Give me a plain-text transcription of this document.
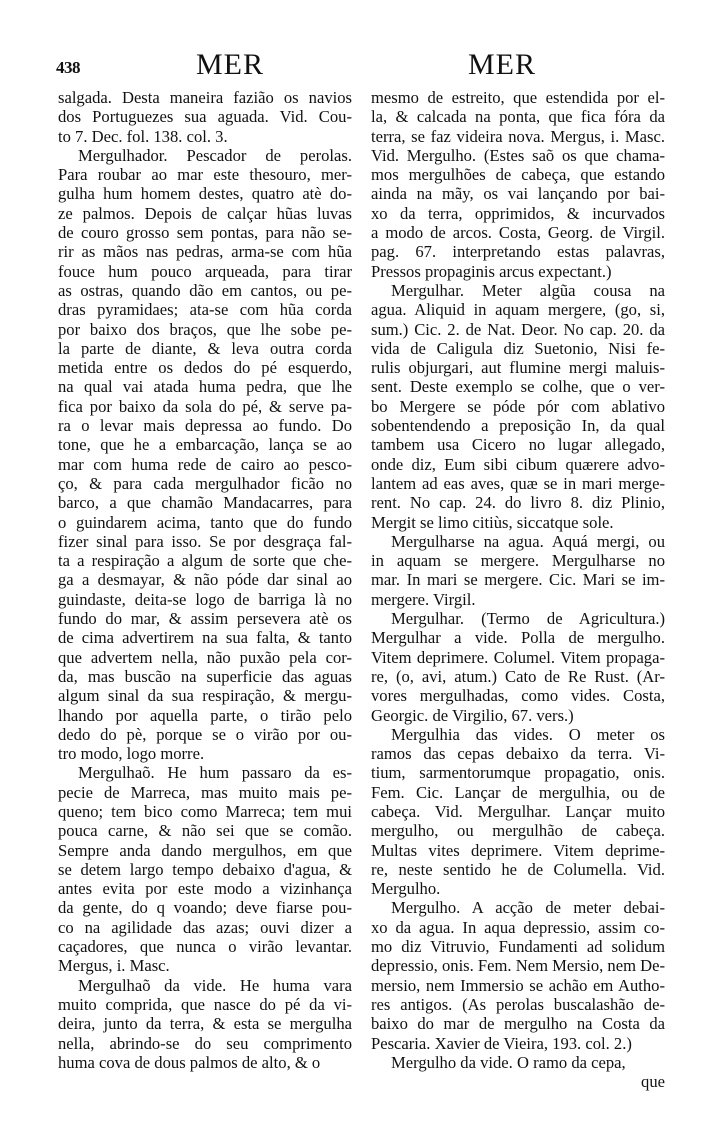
438	MER	MER
salgada. Desta maneira fazião os navios
dos Portuguezes sua aguada. Vid. Cou-
to 7. Dec. fol. 138. col. 3.
Mergulhador. Pescador de perolas.
Para roubar ao mar este thesouro, mer-
gulha hum homem destes, quatro atè do-
ze palmos. Depois de calçar hũas luvas
de couro grosso sem pontas, para não se-
rir as mãos nas pedras, arma-se com hũa
fouce hum pouco arqueada, para tirar
as ostras, quando dão em cantos, ou pe-
dras pyramidaes; ata-se com hũa corda
por baixo dos braços, que lhe sobe pe-
la parte de diante, & leva outra corda
metida entre os dedos do pé esquerdo,
na qual vai atada huma pedra, que lhe
fica por baixo da sola do pé, & serve pa-
ra o levar mais depressa ao fundo. Do
tone, que he a embarcação, lança se ao
mar com huma rede de cairo ao pesco-
ço, & para cada mergulhador ficão no
barco, a que chamão Mandacarres, para
o guindarem acima, tanto que do fundo
fizer sinal para isso. Se por desgraça fal-
ta a respiração a algum de sorte que che-
ga a desmayar, & não póde dar sinal ao
guindaste, deita-se logo de barriga là no
fundo do mar, & assim persevera atè os
de cima advertirem na sua falta, & tanto
que advertem nella, não puxão pela cor-
da, mas buscão na superficie das aguas
algum sinal da sua respiração, & mergu-
lhando por aquella parte, o tirão pelo
dedo do pè, porque se o virão por ou-
tro modo, logo morre.
Mergulhaõ. He hum passaro da es-
pecie de Marreca, mas muito mais pe-
queno; tem bico como Marreca; tem mui
pouca carne, & não sei que se comão.
Sempre anda dando mergulhos, em que
se detem largo tempo debaixo d'agua, &
antes evita por este modo a vizinhança
da gente, do q voando; deve fiarse pou-
co na agilidade das azas; ouvi dizer a
caçadores, que nunca o virão levantar.
Mergus, i. Masc.
Mergulhaõ da vide. He huma vara
muito comprida, que nasce do pé da vi-
deira, junto da terra, & esta se mergulha
nella, abrindo-se do seu comprimento
huma cova de dous palmos de alto, & o
mesmo de estreito, que estendida por el-
la, & calcada na ponta, que fica fóra da
terra, se faz videira nova. Mergus, i. Masc.
Vid. Mergulho. (Estes saõ os que chama-
mos mergulhões de cabeça, que estando
ainda na mãy, os vai lançando por bai-
xo da terra, opprimidos, & incurvados
a modo de arcos. Costa, Georg. de Virgil.
pag. 67. interpretando estas palavras,
Pressos propaginis arcus expectant.)
Mergulhar. Meter algũa cousa na
agua. Aliquid in aquam mergere, (go, si,
sum.) Cic. 2. de Nat. Deor. No cap. 20. da
vida de Caligula diz Suetonio, Nisi fe-
rulis objurgari, aut flumine mergi maluis-
sent. Deste exemplo se colhe, que o ver-
bo Mergere se póde pór com ablativo
sobentendendo a preposição In, da qual
tambem usa Cicero no lugar allegado,
onde diz, Eum sibi cibum quærere advo-
lantem ad eas aves, quæ se in mari merge-
rent. No cap. 24. do livro 8. diz Plinio,
Mergit se limo citiùs, siccatque sole.
Mergulharse na agua. Aquá mergi, ou
in aquam se mergere. Mergulharse no
mar. In mari se mergere. Cic. Mari se im-
mergere. Virgil.
Mergulhar. (Termo de Agricultura.)
Mergulhar a vide. Polla de mergulho.
Vitem deprimere. Columel. Vitem propaga-
re, (o, avi, atum.) Cato de Re Rust. (Ar-
vores mergulhadas, como vides. Costa,
Georgic. de Virgilio, 67. vers.)
Mergulhia das vides. O meter os
ramos das cepas debaixo da terra. Vi-
tium, sarmentorumque propagatio, onis.
Fem. Cic. Lançar de mergulhia, ou de
cabeça. Vid. Mergulhar. Lançar muito
mergulho, ou mergulhão de cabeça.
Multas vites deprimere. Vitem deprime-
re, neste sentido he de Columella. Vid.
Mergulho.
Mergulho. A acção de meter debai-
xo da agua. In aqua depressio, assim co-
mo diz Vitruvio, Fundamenti ad solidum
depressio, onis. Fem. Nem Mersio, nem De-
mersio, nem Immersio se achão em Autho-
res antigos. (As perolas buscalashão de-
baixo do mar de mergulho na Costa da
Pescaria. Xavier de Vieira, 193. col. 2.)
Mergulho da vide. O ramo da cepa,
que
